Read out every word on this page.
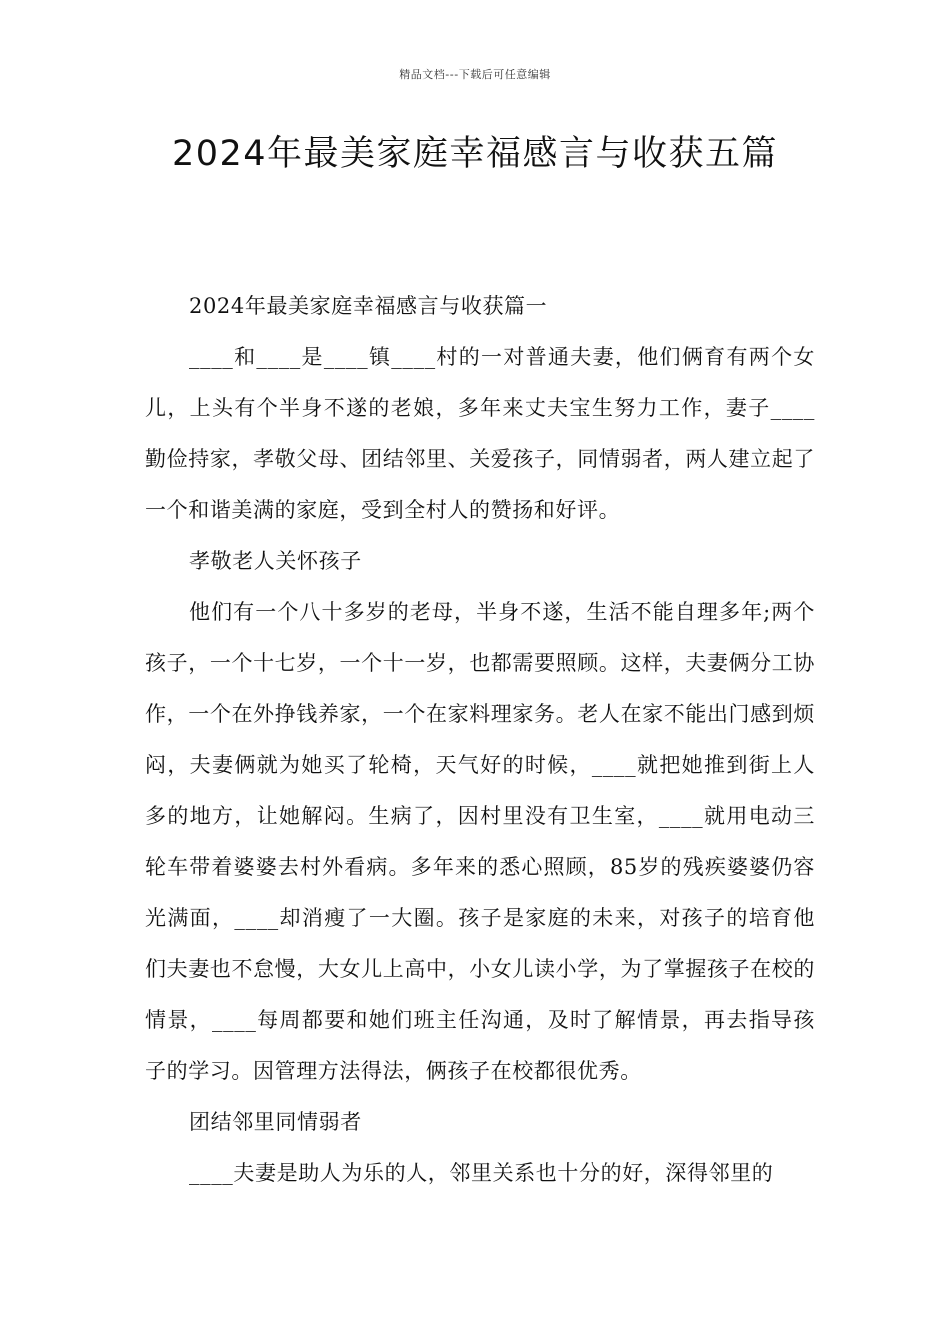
精品文档---下载后可任意编辑
2024年最美家庭幸福感言与收获五篇

2024年最美家庭幸福感言与收获篇一

____和____是____镇____村的一对普通夫妻，他们俩育有两个女儿，上头有个半身不遂的老娘，多年来丈夫宝生努力工作，妻子____勤俭持家，孝敬父母、团结邻里、关爱孩子，同情弱者，两人建立起了一个和谐美满的家庭，受到全村人的赞扬和好评。

孝敬老人关怀孩子

他们有一个八十多岁的老母，半身不遂，生活不能自理多年;两个孩子，一个十七岁，一个十一岁，也都需要照顾。这样，夫妻俩分工协作，一个在外挣钱养家，一个在家料理家务。老人在家不能出门感到烦闷，夫妻俩就为她买了轮椅，天气好的时候，____就把她推到街上人多的地方，让她解闷。生病了，因村里没有卫生室，____就用电动三轮车带着婆婆去村外看病。多年来的悉心照顾，85岁的残疾婆婆仍容光满面，____却消瘦了一大圈。孩子是家庭的未来，对孩子的培育他们夫妻也不怠慢，大女儿上高中，小女儿读小学，为了掌握孩子在校的情景，____每周都要和她们班主任沟通，及时了解情景，再去指导孩子的学习。因管理方法得法，俩孩子在校都很优秀。

团结邻里同情弱者

____夫妻是助人为乐的人，邻里关系也十分的好，深得邻里的
